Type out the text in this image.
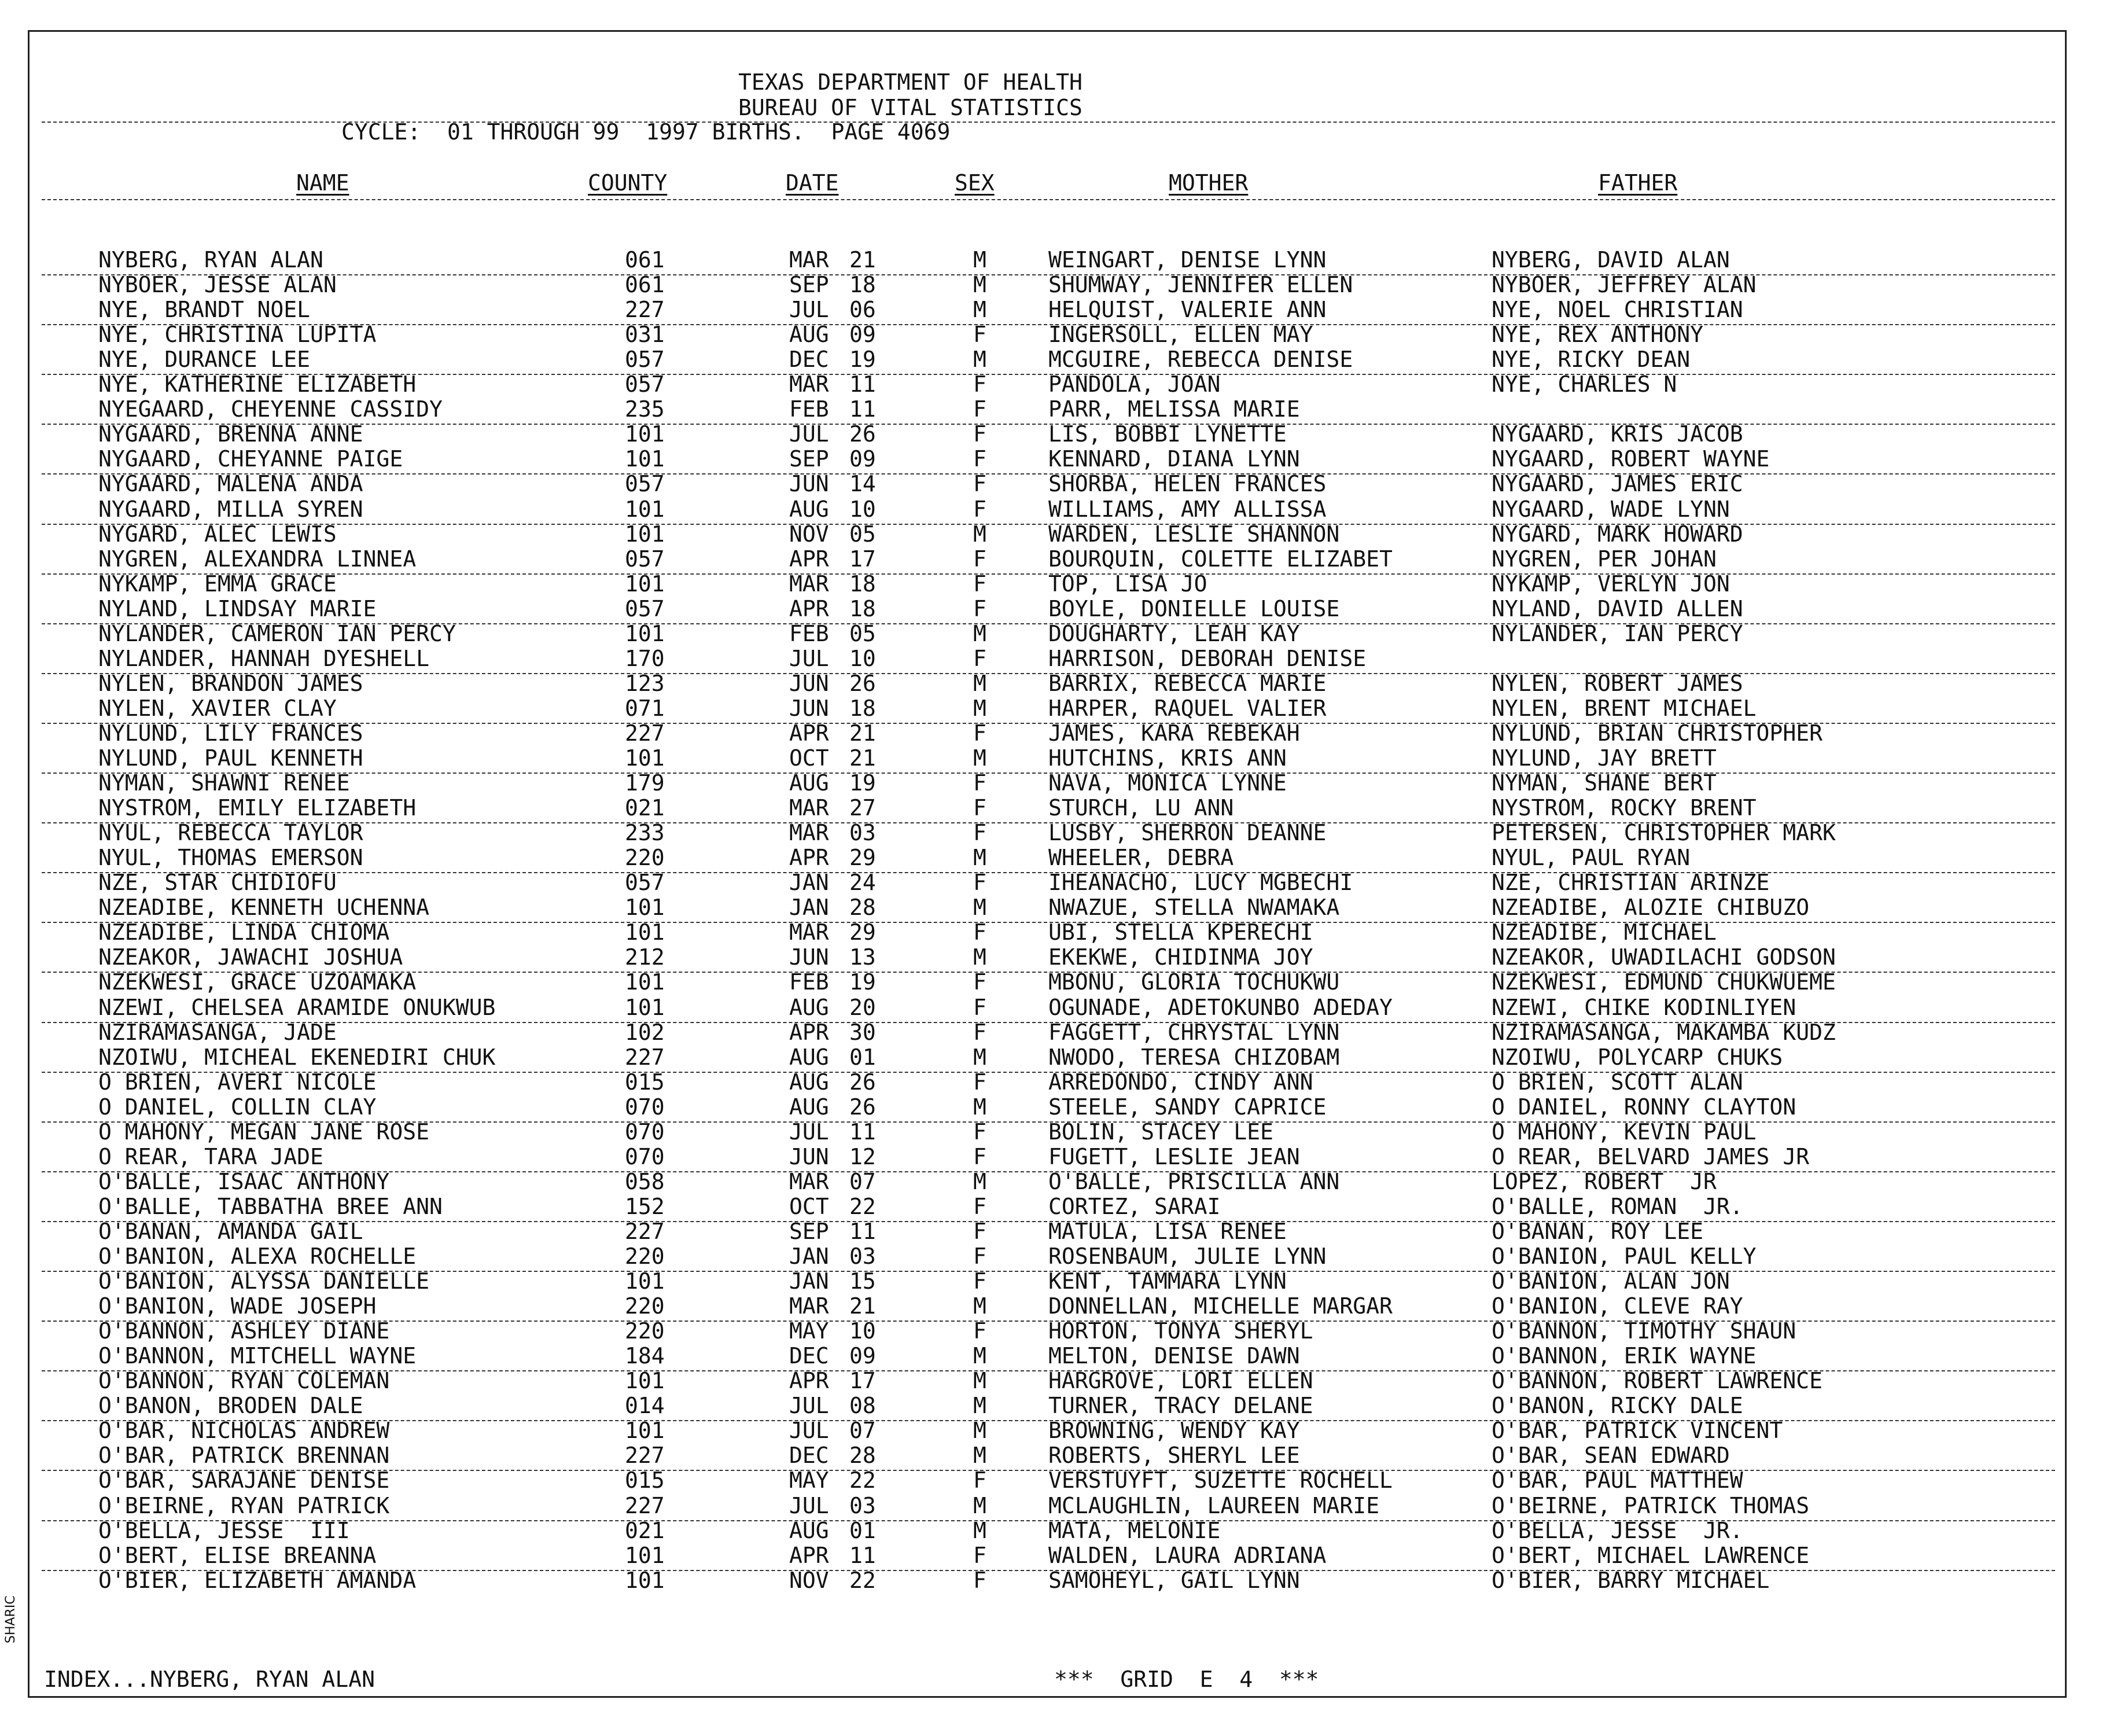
TEXAS DEPARTMENT OF HEALTH
BUREAU OF VITAL STATISTICS
CYCLE:  01 THROUGH 99  1997 BIRTHS.  PAGE 4069
NAME	COUNTY	DATE	SEX	MOTHER	FATHER
NYBERG, RYAN ALAN	061	MAR 21	M	WEINGART, DENISE LYNN	NYBERG, DAVID ALAN
NYBOER, JESSE ALAN	061	SEP 18	M	SHUMWAY, JENNIFER ELLEN	NYBOER, JEFFREY ALAN
NYE, BRANDT NOEL	227	JUL 06	M	HELQUIST, VALERIE ANN	NYE, NOEL CHRISTIAN
NYE, CHRISTINA LUPITA	031	AUG 09	F	INGERSOLL, ELLEN MAY	NYE, REX ANTHONY
NYE, DURANCE LEE	057	DEC 19	M	MCGUIRE, REBECCA DENISE	NYE, RICKY DEAN
NYE, KATHERINE ELIZABETH	057	MAR 11	F	PANDOLA, JOAN	NYE, CHARLES N
NYEGAARD, CHEYENNE CASSIDY	235	FEB 11	F	PARR, MELISSA MARIE
NYGAARD, BRENNA ANNE	101	JUL 26	F	LIS, BOBBI LYNETTE	NYGAARD, KRIS JACOB
NYGAARD, CHEYANNE PAIGE	101	SEP 09	F	KENNARD, DIANA LYNN	NYGAARD, ROBERT WAYNE
NYGAARD, MALENA ANDA	057	JUN 14	F	SHORBA, HELEN FRANCES	NYGAARD, JAMES ERIC
NYGAARD, MILLA SYREN	101	AUG 10	F	WILLIAMS, AMY ALLISSA	NYGAARD, WADE LYNN
NYGARD, ALEC LEWIS	101	NOV 05	M	WARDEN, LESLIE SHANNON	NYGARD, MARK HOWARD
NYGREN, ALEXANDRA LINNEA	057	APR 17	F	BOURQUIN, COLETTE ELIZABET	NYGREN, PER JOHAN
NYKAMP, EMMA GRACE	101	MAR 18	F	TOP, LISA JO	NYKAMP, VERLYN JON
NYLAND, LINDSAY MARIE	057	APR 18	F	BOYLE, DONIELLE LOUISE	NYLAND, DAVID ALLEN
NYLANDER, CAMERON IAN PERCY	101	FEB 05	M	DOUGHARTY, LEAH KAY	NYLANDER, IAN PERCY
NYLANDER, HANNAH DYESHELL	170	JUL 10	F	HARRISON, DEBORAH DENISE
NYLEN, BRANDON JAMES	123	JUN 26	M	BARRIX, REBECCA MARIE	NYLEN, ROBERT JAMES
NYLEN, XAVIER CLAY	071	JUN 18	M	HARPER, RAQUEL VALIER	NYLEN, BRENT MICHAEL
NYLUND, LILY FRANCES	227	APR 21	F	JAMES, KARA REBEKAH	NYLUND, BRIAN CHRISTOPHER
NYLUND, PAUL KENNETH	101	OCT 21	M	HUTCHINS, KRIS ANN	NYLUND, JAY BRETT
NYMAN, SHAWNI RENEE	179	AUG 19	F	NAVA, MONICA LYNNE	NYMAN, SHANE BERT
NYSTROM, EMILY ELIZABETH	021	MAR 27	F	STURCH, LU ANN	NYSTROM, ROCKY BRENT
NYUL, REBECCA TAYLOR	233	MAR 03	F	LUSBY, SHERRON DEANNE	PETERSEN, CHRISTOPHER MARK
NYUL, THOMAS EMERSON	220	APR 29	M	WHEELER, DEBRA	NYUL, PAUL RYAN
NZE, STAR CHIDIOFU	057	JAN 24	F	IHEANACHO, LUCY MGBECHI	NZE, CHRISTIAN ARINZE
NZEADIBE, KENNETH UCHENNA	101	JAN 28	M	NWAZUE, STELLA NWAMAKA	NZEADIBE, ALOZIE CHIBUZO
NZEADIBE, LINDA CHIOMA	101	MAR 29	F	UBI, STELLA KPERECHI	NZEADIBE, MICHAEL
NZEAKOR, JAWACHI JOSHUA	212	JUN 13	M	EKEKWE, CHIDINMA JOY	NZEAKOR, UWADILACHI GODSON
NZEKWESI, GRACE UZOAMAKA	101	FEB 19	F	MBONU, GLORIA TOCHUKWU	NZEKWESI, EDMUND CHUKWUEME
NZEWI, CHELSEA ARAMIDE ONUKWUB	101	AUG 20	F	OGUNADE, ADETOKUNBO ADEDAY	NZEWI, CHIKE KODINLIYEN
NZIRAMASANGA, JADE	102	APR 30	F	FAGGETT, CHRYSTAL LYNN	NZIRAMASANGA, MAKAMBA KUDZ
NZOIWU, MICHEAL EKENEDIRI CHUK	227	AUG 01	M	NWODO, TERESA CHIZOBAM	NZOIWU, POLYCARP CHUKS
O BRIEN, AVERI NICOLE	015	AUG 26	F	ARREDONDO, CINDY ANN	O BRIEN, SCOTT ALAN
O DANIEL, COLLIN CLAY	070	AUG 26	M	STEELE, SANDY CAPRICE	O DANIEL, RONNY CLAYTON
O MAHONY, MEGAN JANE ROSE	070	JUL 11	F	BOLIN, STACEY LEE	O MAHONY, KEVIN PAUL
O REAR, TARA JADE	070	JUN 12	F	FUGETT, LESLIE JEAN	O REAR, BELVARD JAMES JR
O'BALLE, ISAAC ANTHONY	058	MAR 07	M	O'BALLE, PRISCILLA ANN	LOPEZ, ROBERT  JR
O'BALLE, TABBATHA BREE ANN	152	OCT 22	F	CORTEZ, SARAI	O'BALLE, ROMAN  JR.
O'BANAN, AMANDA GAIL	227	SEP 11	F	MATULA, LISA RENEE	O'BANAN, ROY LEE
O'BANION, ALEXA ROCHELLE	220	JAN 03	F	ROSENBAUM, JULIE LYNN	O'BANION, PAUL KELLY
O'BANION, ALYSSA DANIELLE	101	JAN 15	F	KENT, TAMMARA LYNN	O'BANION, ALAN JON
O'BANION, WADE JOSEPH	220	MAR 21	M	DONNELLAN, MICHELLE MARGAR	O'BANION, CLEVE RAY
O'BANNON, ASHLEY DIANE	220	MAY 10	F	HORTON, TONYA SHERYL	O'BANNON, TIMOTHY SHAUN
O'BANNON, MITCHELL WAYNE	184	DEC 09	M	MELTON, DENISE DAWN	O'BANNON, ERIK WAYNE
O'BANNON, RYAN COLEMAN	101	APR 17	M	HARGROVE, LORI ELLEN	O'BANNON, ROBERT LAWRENCE
O'BANON, BRODEN DALE	014	JUL 08	M	TURNER, TRACY DELANE	O'BANON, RICKY DALE
O'BAR, NICHOLAS ANDREW	101	JUL 07	M	BROWNING, WENDY KAY	O'BAR, PATRICK VINCENT
O'BAR, PATRICK BRENNAN	227	DEC 28	M	ROBERTS, SHERYL LEE	O'BAR, SEAN EDWARD
O'BAR, SARAJANE DENISE	015	MAY 22	F	VERSTUYFT, SUZETTE ROCHELL	O'BAR, PAUL MATTHEW
O'BEIRNE, RYAN PATRICK	227	JUL 03	M	MCLAUGHLIN, LAUREEN MARIE	O'BEIRNE, PATRICK THOMAS
O'BELLA, JESSE  III	021	AUG 01	M	MATA, MELONIE	O'BELLA, JESSE  JR.
O'BERT, ELISE BREANNA	101	APR 11	F	WALDEN, LAURA ADRIANA	O'BERT, MICHAEL LAWRENCE
O'BIER, ELIZABETH AMANDA	101	NOV 22	F	SAMOHEYL, GAIL LYNN	O'BIER, BARRY MICHAEL
INDEX...NYBERG, RYAN ALAN	***  GRID  E  4  ***
SHARIC
